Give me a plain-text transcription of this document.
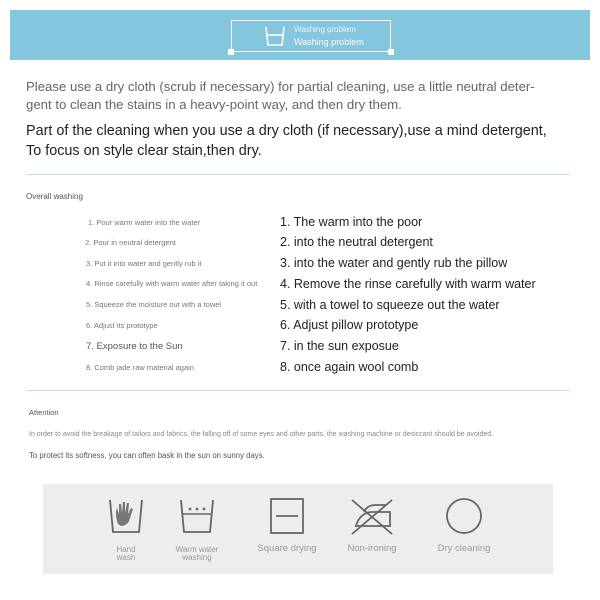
Washing problem
Washing problem
Please use a dry cloth (scrub if necessary) for partial cleaning, use a little neutral deter-
gent to clean the stains in a heavy-point way, and then dry them.
Part of the cleaning when you use a dry cloth (if necessary),use a mind detergent,
To focus on style clear stain,then dry.
Overall washing
1. Pour warm water into the water
2. Pour in neutral detergent
3. Put it into water and gently rub it
4. Rinse carefully with warm water after taking it out
5. Squeeze the moisture out with a towel
6. Adjust its prototype
7. Exposure to the Sun
8. Comb jade raw material again
1. The warm into the poor
2. into the neutral detergent
3. into the water and gently rub the pillow
4. Remove the rinse carefully with warm water
5. with a towel to squeeze out the water
6. Adjust pillow prototype
7. in the sun exposue
8. once again wool comb
Attention
In order to avoid the breakage of tailors and fabrics, the falling off of some eyes and other parts, the washing machine or desiccant should be avoided.
To protect its softness, you can often bask in the sun on sunny days.
Hand
wash
Warm water
washing
Square drying	Non-ironing	Dry cleaning
